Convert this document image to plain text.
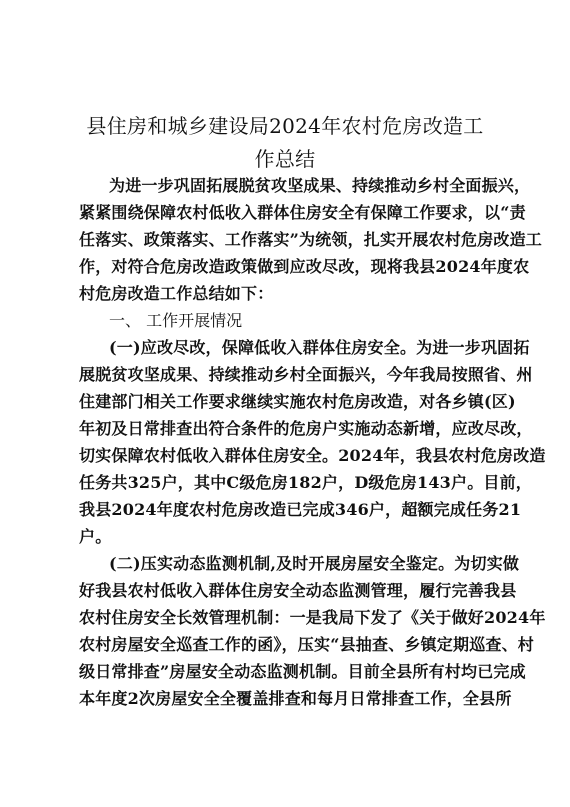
县住房和城乡建设局2024年农村危房改造工
作总结
为进一步巩固拓展脱贫攻坚成果、持续推动乡村全面振兴，
紧紧围绕保障农村低收入群体住房安全有保障工作要求，以“责
任落实、政策落实、工作落实”为统领，扎实开展农村危房改造工
作，对符合危房改造政策做到应改尽改，现将我县2024年度农
村危房改造工作总结如下：
一、 工作开展情况
(一)应改尽改，保障低收入群体住房安全。为进一步巩固拓
展脱贫攻坚成果、持续推动乡村全面振兴，今年我局按照省、州
住建部门相关工作要求继续实施农村危房改造，对各乡镇(区)
年初及日常排查出符合条件的危房户实施动态新增，应改尽改，
切实保障农村低收入群体住房安全。2024年，我县农村危房改造
任务共325户，其中C级危房182户，D级危房143户。目前，
我县2024年度农村危房改造已完成346户，超额完成任务21
户。
(二)压实动态监测机制,及时开展房屋安全鉴定。为切实做
好我县农村低收入群体住房安全动态监测管理，履行完善我县
农村住房安全长效管理机制：一是我局下发了《关于做好2024年
农村房屋安全巡查工作的函》，压实“县抽查、乡镇定期巡查、村
级日常排查”房屋安全动态监测机制。目前全县所有村均已完成
本年度2次房屋安全全覆盖排查和每月日常排查工作，全县所
